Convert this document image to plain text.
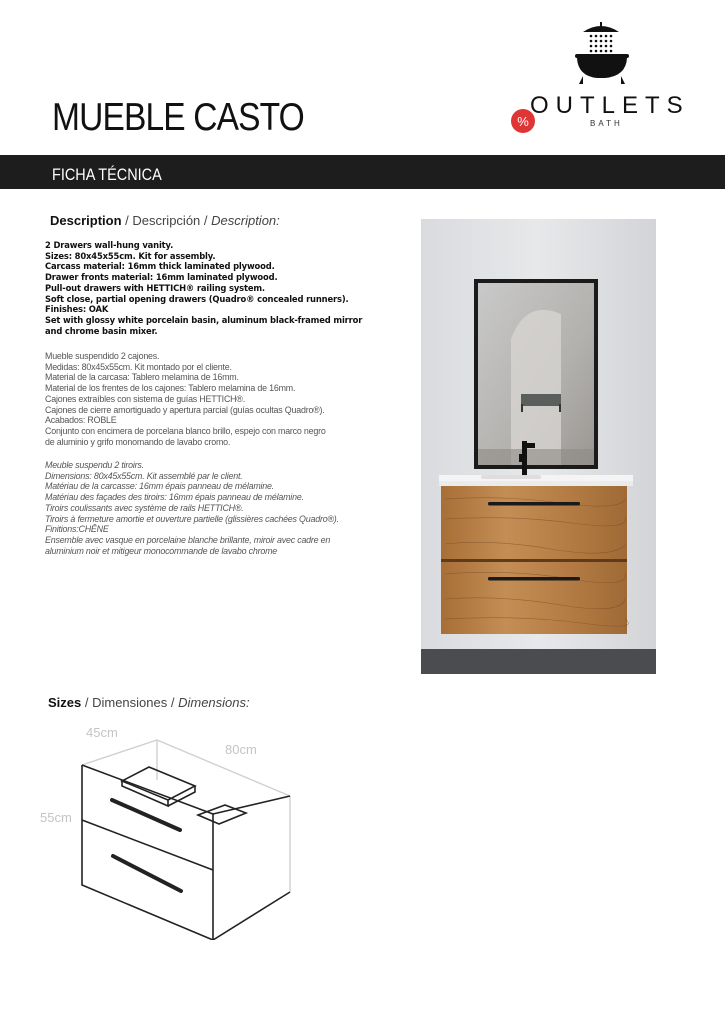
MUEBLE CASTO	%
OUTLETS
BATH
FICHA TÉCNICA
Description / Descripción / Description:
2 Drawers wall-hung vanity.
Sizes: 80x45x55cm. Kit for assembly.
Carcass material: 16mm thick laminated plywood.
Drawer fronts material: 16mm laminated plywood.
Pull-out drawers with HETTICH® railing system.
Soft close, partial opening drawers (Quadro® concealed runners).
Finishes: OAK
Set with glossy white porcelain basin, aluminum black-framed mirror
and chrome basin mixer.
Mueble suspendido 2 cajones.
Medidas: 80x45x55cm. Kit montado por el cliente.
Material de la carcasa: Tablero melamina de 16mm.
Material de los frentes de los cajones: Tablero melamina de 16mm.
Cajones extraíbles con sistema de guías HETTICH®.
Cajones de cierre amortiguado y apertura parcial (guías ocultas Quadro®).
Acabados: ROBLE
Conjunto con encimera de porcelana blanco brillo, espejo con marco negro
de aluminio y grifo monomando de lavabo cromo.
Meuble suspendu 2 tiroirs.
Dimensions: 80x45x55cm. Kit assemblé par le client.
Matériau de la carcasse: 16mm épais panneau de mélamine.
Matériau des façades des tiroirs: 16mm épais panneau de mélamine.
Tiroirs coulissants avec système de rails HETTICH®.
Tiroirs à fermeture amortie et ouverture partielle (glissières cachées Quadro®).
Finitions:CHÊNE
Ensemble avec vasque en porcelaine blanche brillante, miroir avec cadre en
aluminium noir et mitigeur monocommande de lavabo chrome
Sizes / Dimensiones / Dimensions:
45cm
80cm
55cm
